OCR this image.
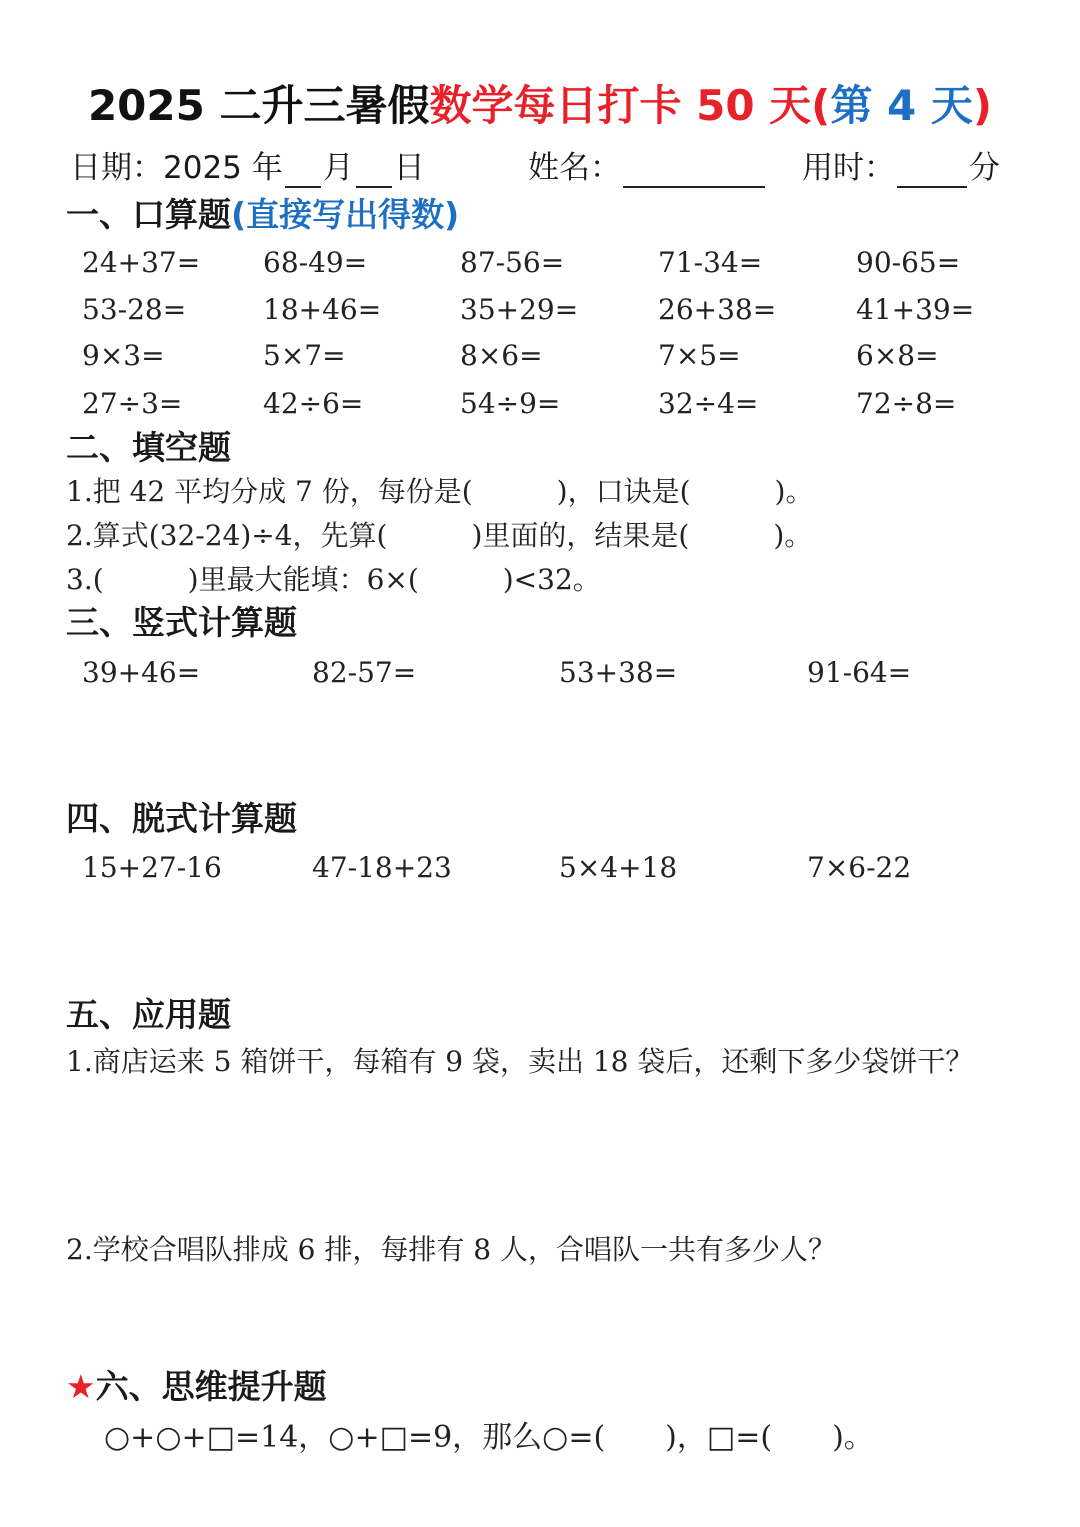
2025 二升三暑假数学每日打卡 50 天(第 4 天)
日期：2025 年 月 日	姓名：	用时： 分
一、口算题(直接写出得数)
24+37= 68-49=	87-56=	71-34=	90-65=
53-28=	18+46=	35+29=	26+38=	41+39=
9×3=	5×7=	8×6=	7×5=	6×8=
27÷3=	42÷6=	54÷9=	32÷4=	72÷8=
二、填空题
1.把 42 平均分成 7 份，每份是(　　　)，口诀是(　　　)。
2.算式(32-24)÷4，先算(　　　)里面的，结果是(　　　)。
3.(　　　)里最大能填：6×(　　　)<32。
三、竖式计算题
39+46=	82-57=	53+38=	91-64=
四、脱式计算题
15+27-16	47-18+23	5×4+18	7×6-22
五、应用题
1.商店运来 5 箱饼干，每箱有 9 袋，卖出 18 袋后，还剩下多少袋饼干？
2.学校合唱队排成 6 排，每排有 8 人，合唱队一共有多少人？
★六、思维提升题
○+○+□=14，○+□=9，那么○=(　　)，□=(　　)。
